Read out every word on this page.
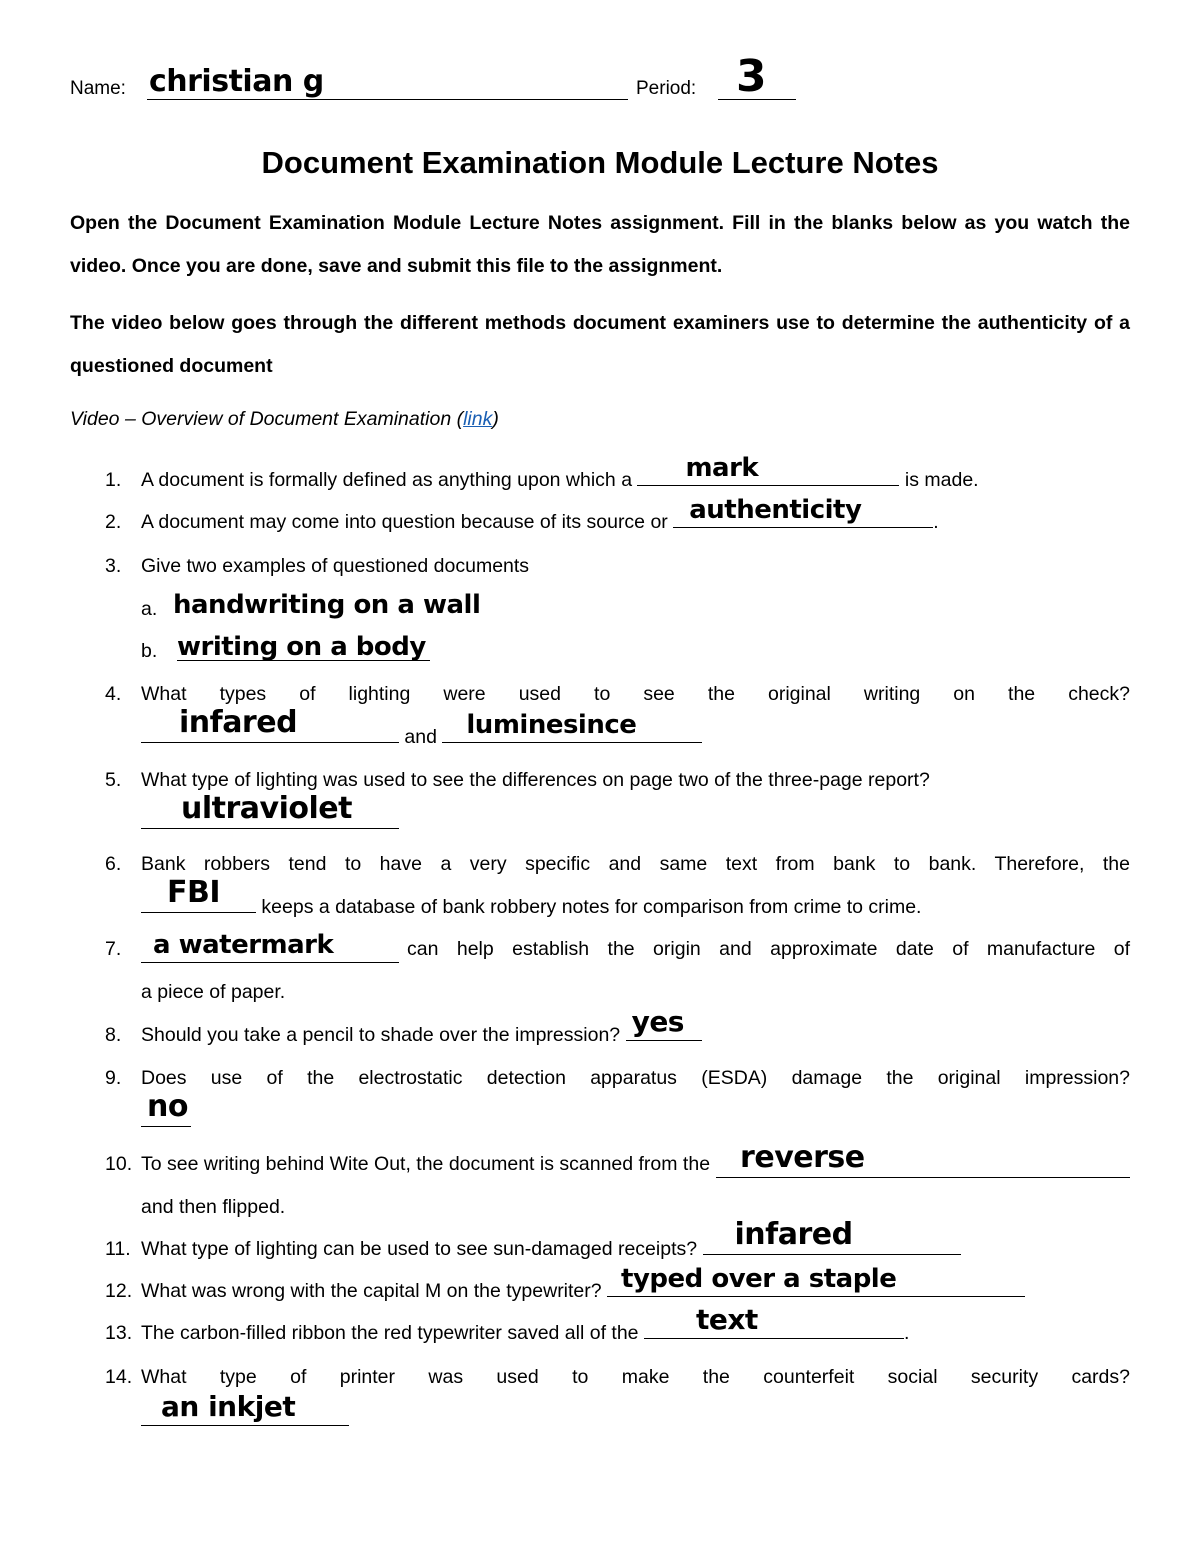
Name: christian g	Period: 3
Document Examination Module Lecture Notes
Open the Document Examination Module Lecture Notes assignment. Fill in the blanks below as you watch the video. Once you are done, save and submit this file to the assignment.
The video below goes through the different methods document examiners use to determine the authenticity of a questioned document
Video – Overview of Document Examination (link)
1. A document is formally defined as anything upon which a mark	is made.
2. A document may come into question because of its source or authenticity	.
3. Give two examples of questioned documents
a. handwriting on a wall
b. writing on a body
4. What types of lighting were used to see the original writing on the check?
infared	and luminesince
5. What type of lighting was used to see the differences on page two of the three-page report?
ultraviolet
6. Bank robbers tend to have a very specific and same text from bank to bank. Therefore, the
FBI keeps a database of bank robbery notes for comparison from crime to crime.
7. a watermark	can help establish the origin and approximate date of manufacture of
a piece of paper.
8. Should you take a pencil to shade over the impression? yes
9. Does use of the electrostatic detection apparatus (ESDA) damage the original impression?
no
10. To see writing behind Wite Out, the document is scanned from the reverse
and then flipped.
11. What type of lighting can be used to see sun-damaged receipts? infared
12. What was wrong with the capital M on the typewriter? typed over a staple
13. The carbon-filled ribbon the red typewriter saved all of the text	.
14. What type of printer was used to make the counterfeit social security cards?
an inkjet
